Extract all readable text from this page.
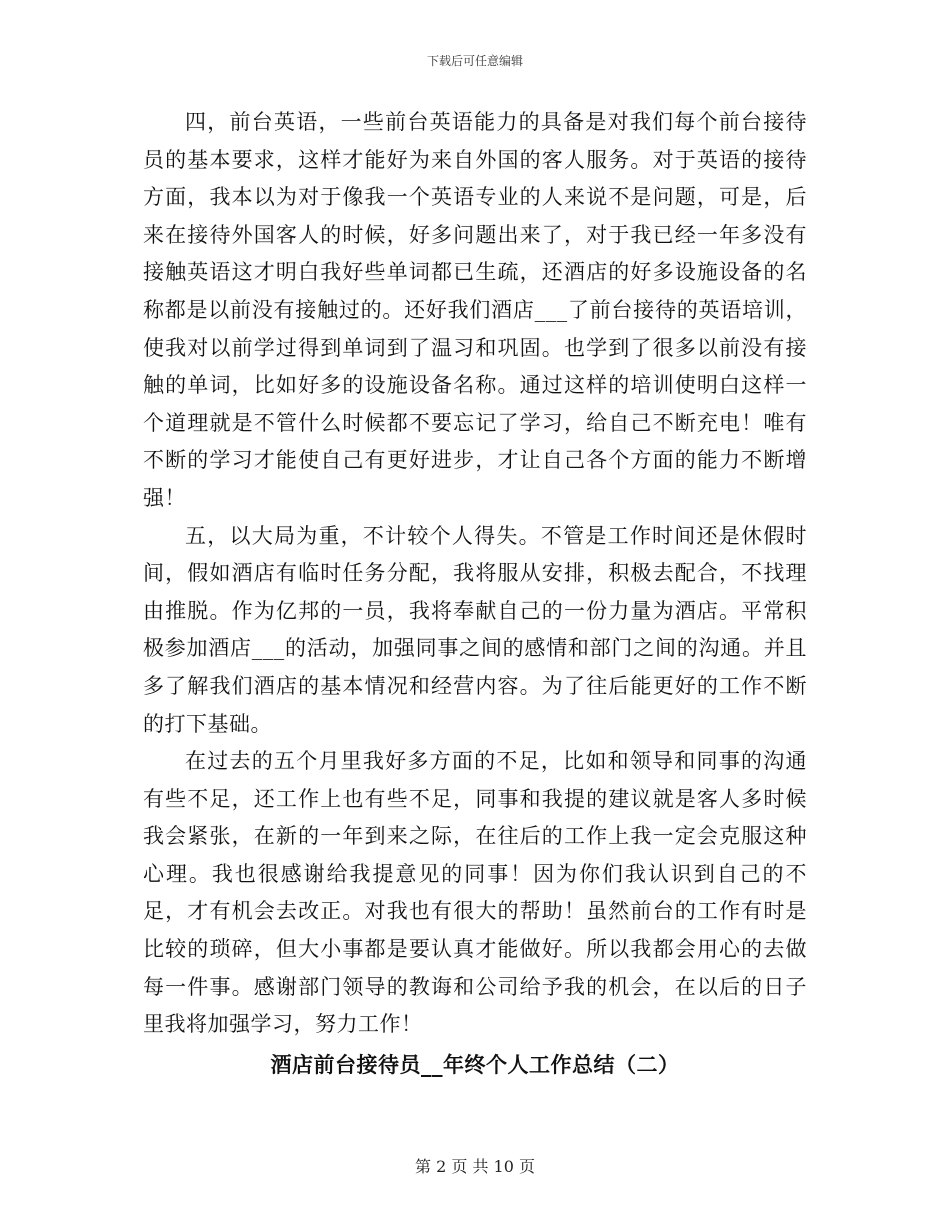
下载后可任意编辑

四，前台英语，一些前台英语能力的具备是对我们每个前台接待员的基本要求，这样才能好为来自外国的客人服务。对于英语的接待方面，我本以为对于像我一个英语专业的人来说不是问题，可是，后来在接待外国客人的时候，好多问题出来了，对于我已经一年多没有接触英语这才明白我好些单词都已生疏，还酒店的好多设施设备的名称都是以前没有接触过的。还好我们酒店___了前台接待的英语培训，使我对以前学过得到单词到了温习和巩固。也学到了很多以前没有接触的单词，比如好多的设施设备名称。通过这样的培训使明白这样一个道理就是不管什么时候都不要忘记了学习，给自己不断充电！唯有不断的学习才能使自己有更好进步，才让自己各个方面的能力不断增强！

五，以大局为重，不计较个人得失。不管是工作时间还是休假时间，假如酒店有临时任务分配，我将服从安排，积极去配合，不找理由推脱。作为亿邦的一员，我将奉献自己的一份力量为酒店。平常积极参加酒店___的活动，加强同事之间的感情和部门之间的沟通。并且多了解我们酒店的基本情况和经营内容。为了往后能更好的工作不断的打下基础。

在过去的五个月里我好多方面的不足，比如和领导和同事的沟通有些不足，还工作上也有些不足，同事和我提的建议就是客人多时候我会紧张，在新的一年到来之际，在往后的工作上我一定会克服这种心理。我也很感谢给我提意见的同事！因为你们我认识到自己的不足，才有机会去改正。对我也有很大的帮助！虽然前台的工作有时是比较的琐碎，但大小事都是要认真才能做好。所以我都会用心的去做每一件事。感谢部门领导的教诲和公司给予我的机会，在以后的日子里我将加强学习，努力工作！

酒店前台接待员__年终个人工作总结（二）

第 2 页 共 10 页
